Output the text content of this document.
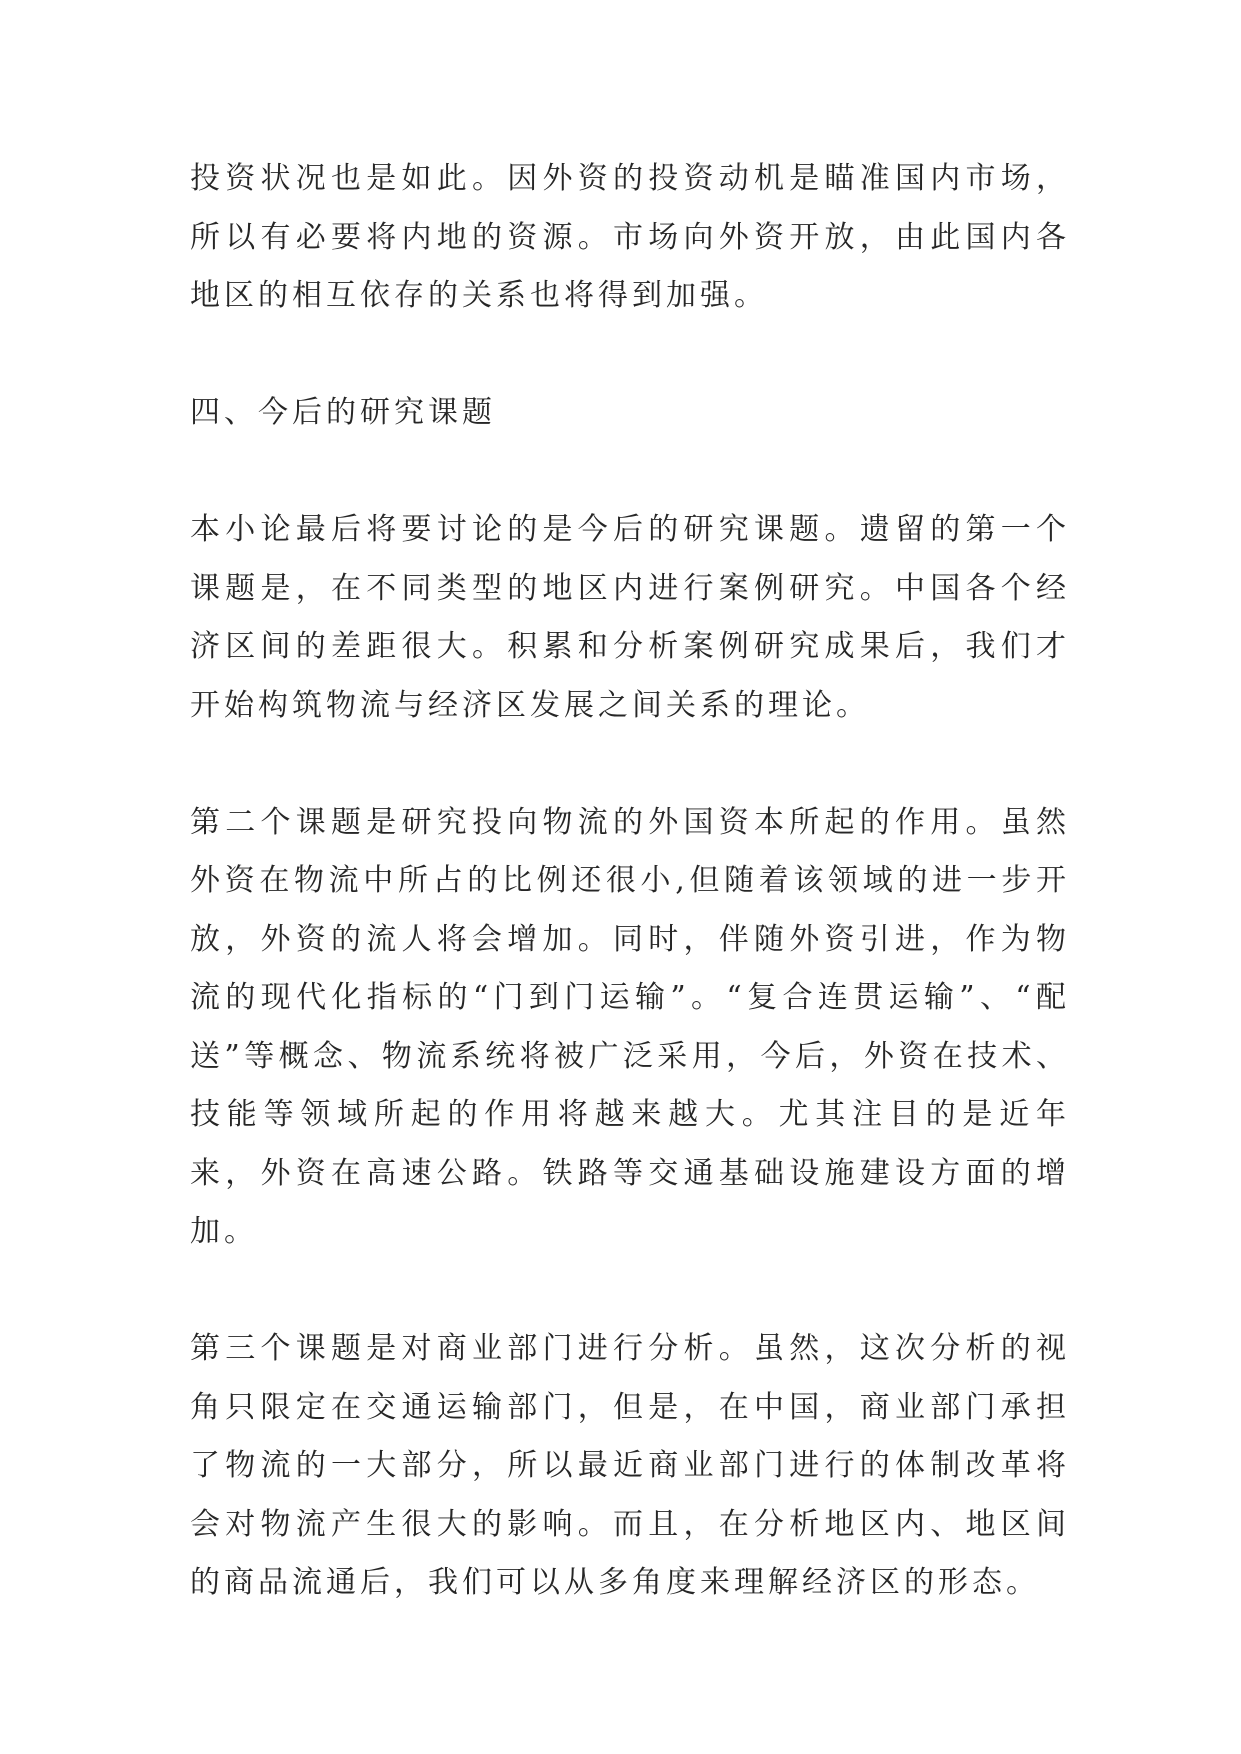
投资状况也是如此。因外资的投资动机是瞄准国内市场，所以有必要将内地的资源。市场向外资开放，由此国内各地区的相互依存的关系也将得到加强。

四、今后的研究课题

本小论最后将要讨论的是今后的研究课题。遗留的第一个课题是，在不同类型的地区内进行案例研究。中国各个经济区间的差距很大。积累和分析案例研究成果后，我们才开始构筑物流与经济区发展之间关系的理论。

第二个课题是研究投向物流的外国资本所起的作用。虽然外资在物流中所占的比例还很小,但随着该领域的进一步开放，外资的流人将会增加。同时，伴随外资引进，作为物流的现代化指标的“门到门运输”。“复合连贯运输”、“配送”等概念、物流系统将被广泛采用，今后，外资在技术、技能等领域所起的作用将越来越大。尤其注目的是近年来，外资在高速公路。铁路等交通基础设施建设方面的增加。

第三个课题是对商业部门进行分析。虽然，这次分析的视角只限定在交通运输部门，但是，在中国，商业部门承担了物流的一大部分，所以最近商业部门进行的体制改革将会对物流产生很大的影响。而且，在分析地区内、地区间的商品流通后，我们可以从多角度来理解经济区的形态。
